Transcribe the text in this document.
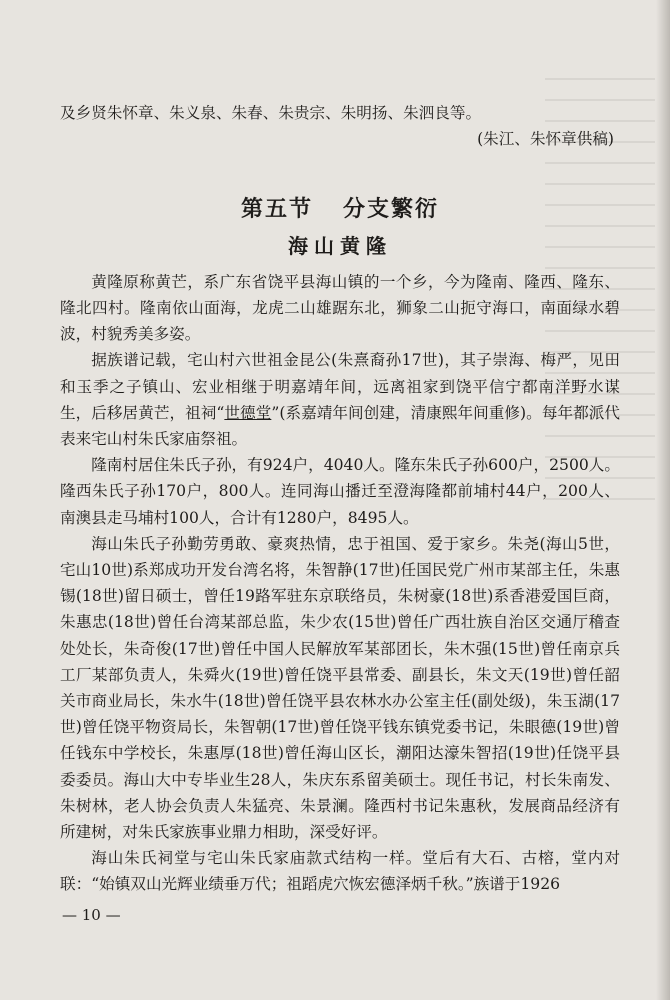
及乡贤朱怀章、朱义泉、朱春、朱贵宗、朱明扬、朱泗良等。

(朱江、朱怀章供稿)

第五节 分支繁衍
海山黄隆

黄隆原称黄芒，系广东省饶平县海山镇的一个乡，今为隆南、隆西、隆东、隆北四村。隆南依山面海，龙虎二山雄踞东北，狮象二山扼守海口，南面绿水碧波，村貌秀美多姿。

据族谱记载，宅山村六世祖金昆公(朱熹裔孙17世)，其子崇海、梅严，见田和玉季之子镇山、宏业相继于明嘉靖年间，远离祖家到饶平信宁都南洋野水谋生，后移居黄芒，祖祠“世德堂”(系嘉靖年间创建，清康熙年间重修)。每年都派代表来宅山村朱氏家庙祭祖。

隆南村居住朱氏子孙，有924户，4040人。隆东朱氏子孙600户，2500人。隆西朱氏子孙170户，800人。连同海山播迁至澄海隆都前埔村44户，200人、南澳县走马埔村100人，合计有1280户，8495人。

海山朱氏子孙勤劳勇敢、豪爽热情，忠于祖国、爱于家乡。朱尧(海山5世，宅山10世)系郑成功开发台湾名将，朱智静(17世)任国民党广州市某部主任，朱惠锡(18世)留日硕士，曾任19路军驻东京联络员，朱树豪(18世)系香港爱国巨商，朱惠忠(18世)曾任台湾某部总监，朱少农(15世)曾任广西壮族自治区交通厅稽查处处长，朱奇俊(17世)曾任中国人民解放军某部团长，朱木强(15世)曾任南京兵工厂某部负责人，朱舜火(19世)曾任饶平县常委、副县长，朱文天(19世)曾任韶关市商业局长，朱水牛(18世)曾任饶平县农林水办公室主任(副处级)，朱玉湖(17世)曾任饶平物资局长，朱智朝(17世)曾任饶平钱东镇党委书记，朱眼德(19世)曾任钱东中学校长，朱惠厚(18世)曾任海山区长，潮阳达濠朱智招(19世)任饶平县委委员。海山大中专毕业生28人，朱庆东系留美硕士。现任书记，村长朱南发、朱树林，老人协会负责人朱猛亮、朱景澜。隆西村书记朱惠秋，发展商品经济有所建树，对朱氏家族事业鼎力相助，深受好评。

海山朱氏祠堂与宅山朱氏家庙款式结构一样。堂后有大石、古榕，堂内对联：“始镇双山光辉业绩垂万代；祖蹈虎穴恢宏德泽炳千秋。”族谱于1926

— 10 —
